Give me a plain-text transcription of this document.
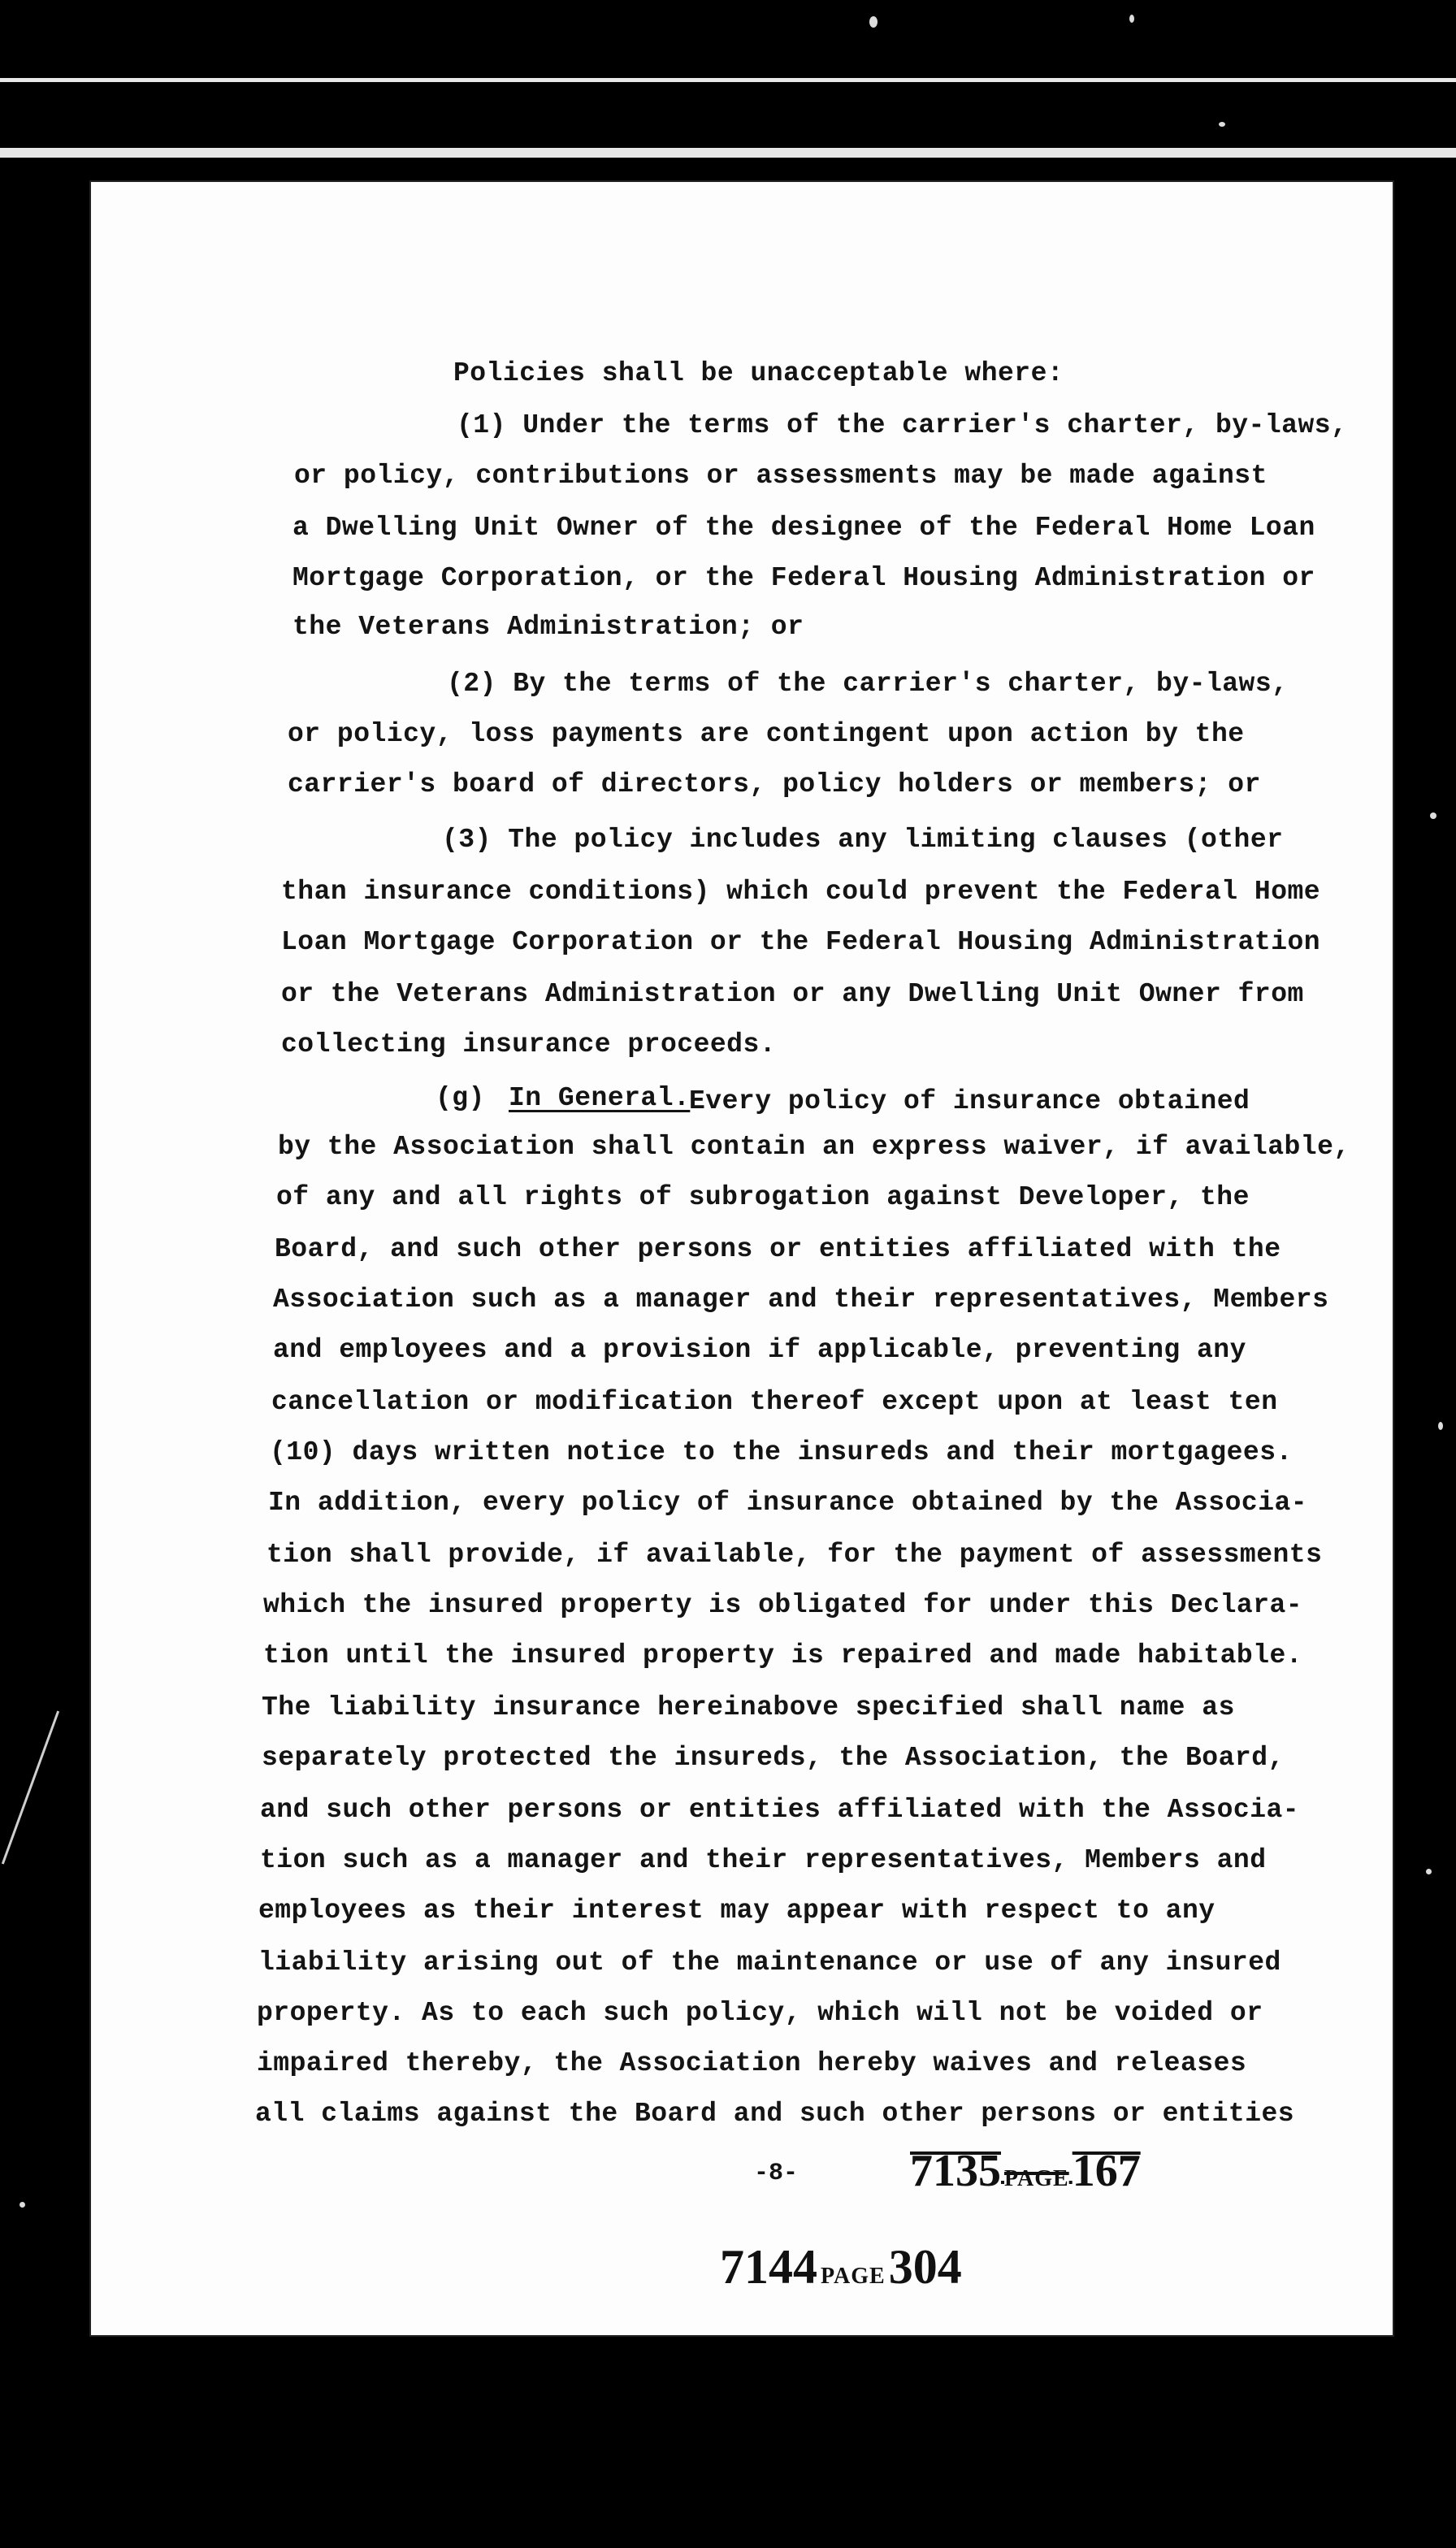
Policies shall be unacceptable where:
(1) Under the terms of the carrier's charter, by-laws,
or policy, contributions or assessments may be made against
a Dwelling Unit Owner of the designee of the Federal Home Loan
Mortgage Corporation, or the Federal Housing Administration or
the Veterans Administration; or
(2) By the terms of the carrier's charter, by-laws,
or policy, loss payments are contingent upon action by the
carrier's board of directors, policy holders or members; or
(3) The policy includes any limiting clauses (other
than insurance conditions) which could prevent the Federal Home
Loan Mortgage Corporation or the Federal Housing Administration
or the Veterans Administration or any Dwelling Unit Owner from
collecting insurance proceeds.
(g) In General.
Every policy of insurance obtained
by the Association shall contain an express waiver, if available,
of any and all rights of subrogation against Developer, the
Board, and such other persons or entities affiliated with the
Association such as a manager and their representatives, Members
and employees and a provision if applicable, preventing any
cancellation or modification thereof except upon at least ten
(10) days written notice to the insureds and their mortgagees.
In addition, every policy of insurance obtained by the Associa-
tion shall provide, if available, for the payment of assessments
which the insured property is obligated for under this Declara-
tion until the insured property is repaired and made habitable.
The liability insurance hereinabove specified shall name as
separately protected the insureds, the Association, the Board,
and such other persons or entities affiliated with the Associa-
tion such as a manager and their representatives, Members and
employees as their interest may appear with respect to any
liability arising out of the maintenance or use of any insured
property. As to each such policy, which will not be voided or
impaired thereby, the Association hereby waives and releases
all claims against the Board and such other persons or entities
-8- 7135 PAGE 167
7144 PAGE 304
